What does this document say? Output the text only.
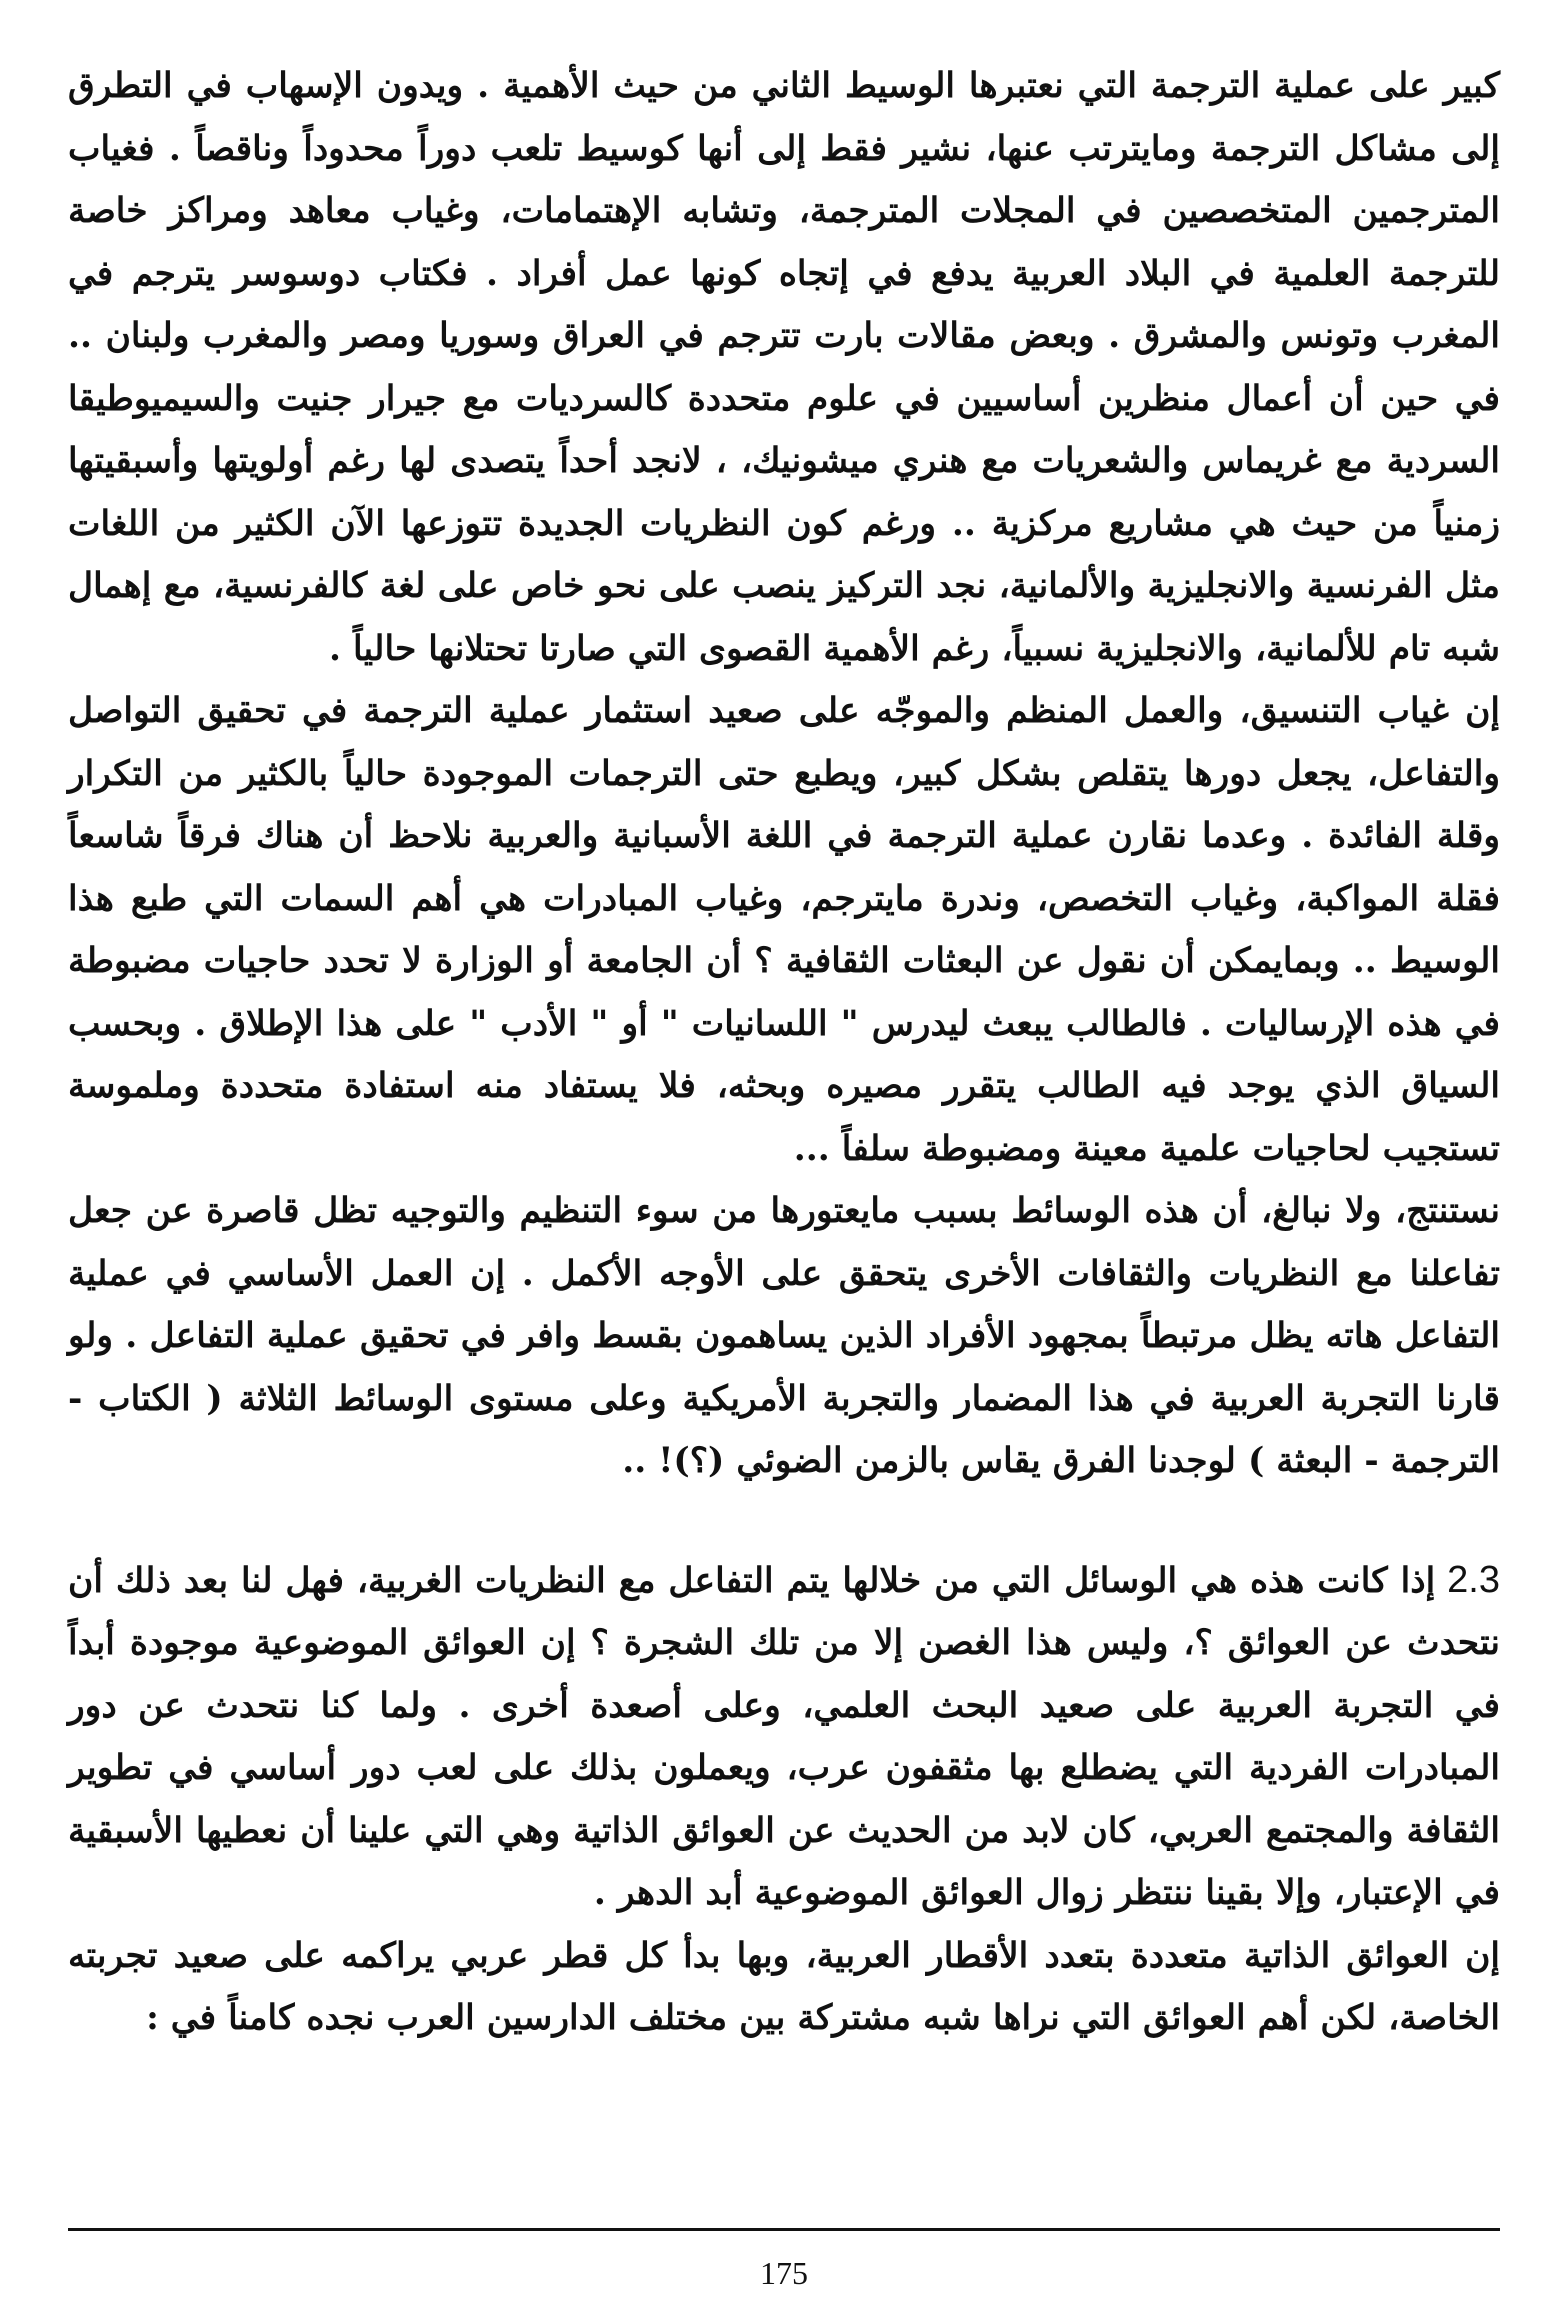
كبير على عملية الترجمة التي نعتبرها الوسيط الثاني من حيث الأهمية . ويدون الإسهاب في التطرق إلى مشاكل الترجمة ومايترتب عنها، نشير فقط إلى أنها كوسيط تلعب دوراً محدوداً وناقصاً . فغياب المترجمين المتخصصين في المجلات المترجمة، وتشابه الإهتمامات، وغياب معاهد ومراكز خاصة للترجمة العلمية في البلاد العربية يدفع في إتجاه كونها عمل أفراد . فكتاب دوسوسر يترجم في المغرب وتونس والمشرق . وبعض مقالات بارت تترجم في العراق وسوريا ومصر والمغرب ولبنان .. في حين أن أعمال منظرين أساسيين في علوم متحددة كالسرديات مع جيرار جنيت والسيميوطيقا السردية مع غريماس والشعريات مع هنري ميشونيك، ، لانجد أحداً يتصدى لها رغم أولويتها وأسبقيتها زمنياً من حيث هي مشاريع مركزية .. ورغم كون النظريات الجديدة تتوزعها الآن الكثير من اللغات مثل الفرنسية والانجليزية والألمانية، نجد التركيز ينصب على نحو خاص على لغة كالفرنسية، مع إهمال شبه تام للألمانية، والانجليزية نسبياً، رغم الأهمية القصوى التي صارتا تحتلانها حالياً .

إن غياب التنسيق، والعمل المنظم والموجّه على صعيد استثمار عملية الترجمة في تحقيق التواصل والتفاعل، يجعل دورها يتقلص بشكل كبير، ويطبع حتى الترجمات الموجودة حالياً بالكثير من التكرار وقلة الفائدة . وعدما نقارن عملية الترجمة في اللغة الأسبانية والعربية نلاحظ أن هناك فرقاً شاسعاً فقلة المواكبة، وغياب التخصص، وندرة مايترجم، وغياب المبادرات هي أهم السمات التي طبع هذا الوسيط .. وبمايمكن أن نقول عن البعثات الثقافية ؟ أن الجامعة أو الوزارة لا تحدد حاجيات مضبوطة في هذه الإرساليات . فالطالب يبعث ليدرس " اللسانيات " أو " الأدب " على هذا الإطلاق . وبحسب السياق الذي يوجد فيه الطالب يتقرر مصيره وبحثه، فلا يستفاد منه استفادة متحددة وملموسة تستجيب لحاجيات علمية معينة ومضبوطة سلفاً ...

نستنتج، ولا نبالغ، أن هذه الوسائط بسبب مايعتورها من سوء التنظيم والتوجيه تظل قاصرة عن جعل تفاعلنا مع النظريات والثقافات الأخرى يتحقق على الأوجه الأكمل . إن العمل الأساسي في عملية التفاعل هاته يظل مرتبطاً بمجهود الأفراد الذين يساهمون بقسط وافر في تحقيق عملية التفاعل . ولو قارنا التجربة العربية في هذا المضمار والتجربة الأمريكية وعلى مستوى الوسائط الثلاثة ( الكتاب - الترجمة - البعثة ) لوجدنا الفرق يقاس بالزمن الضوئي (؟)! ..

2.3إذا كانت هذه هي الوسائل التي من خلالها يتم التفاعل مع النظريات الغربية، فهل لنا بعد ذلك أن نتحدث عن العوائق ؟، وليس هذا الغصن إلا من تلك الشجرة ؟ إن العوائق الموضوعية موجودة أبداً في التجربة العربية على صعيد البحث العلمي، وعلى أصعدة أخرى . ولما كنا نتحدث عن دور المبادرات الفردية التي يضطلع بها مثقفون عرب، ويعملون بذلك على لعب دور أساسي في تطوير الثقافة والمجتمع العربي، كان لابد من الحديث عن العوائق الذاتية وهي التي علينا أن نعطيها الأسبقية في الإعتبار، وإلا بقينا ننتظر زوال العوائق الموضوعية أبد الدهر .

إن العوائق الذاتية متعددة بتعدد الأقطار العربية، وبها بدأ كل قطر عربي يراكمه على صعيد تجربته الخاصة، لكن أهم العوائق التي نراها شبه مشتركة بين مختلف الدارسين العرب نجده كامناً في :

175
